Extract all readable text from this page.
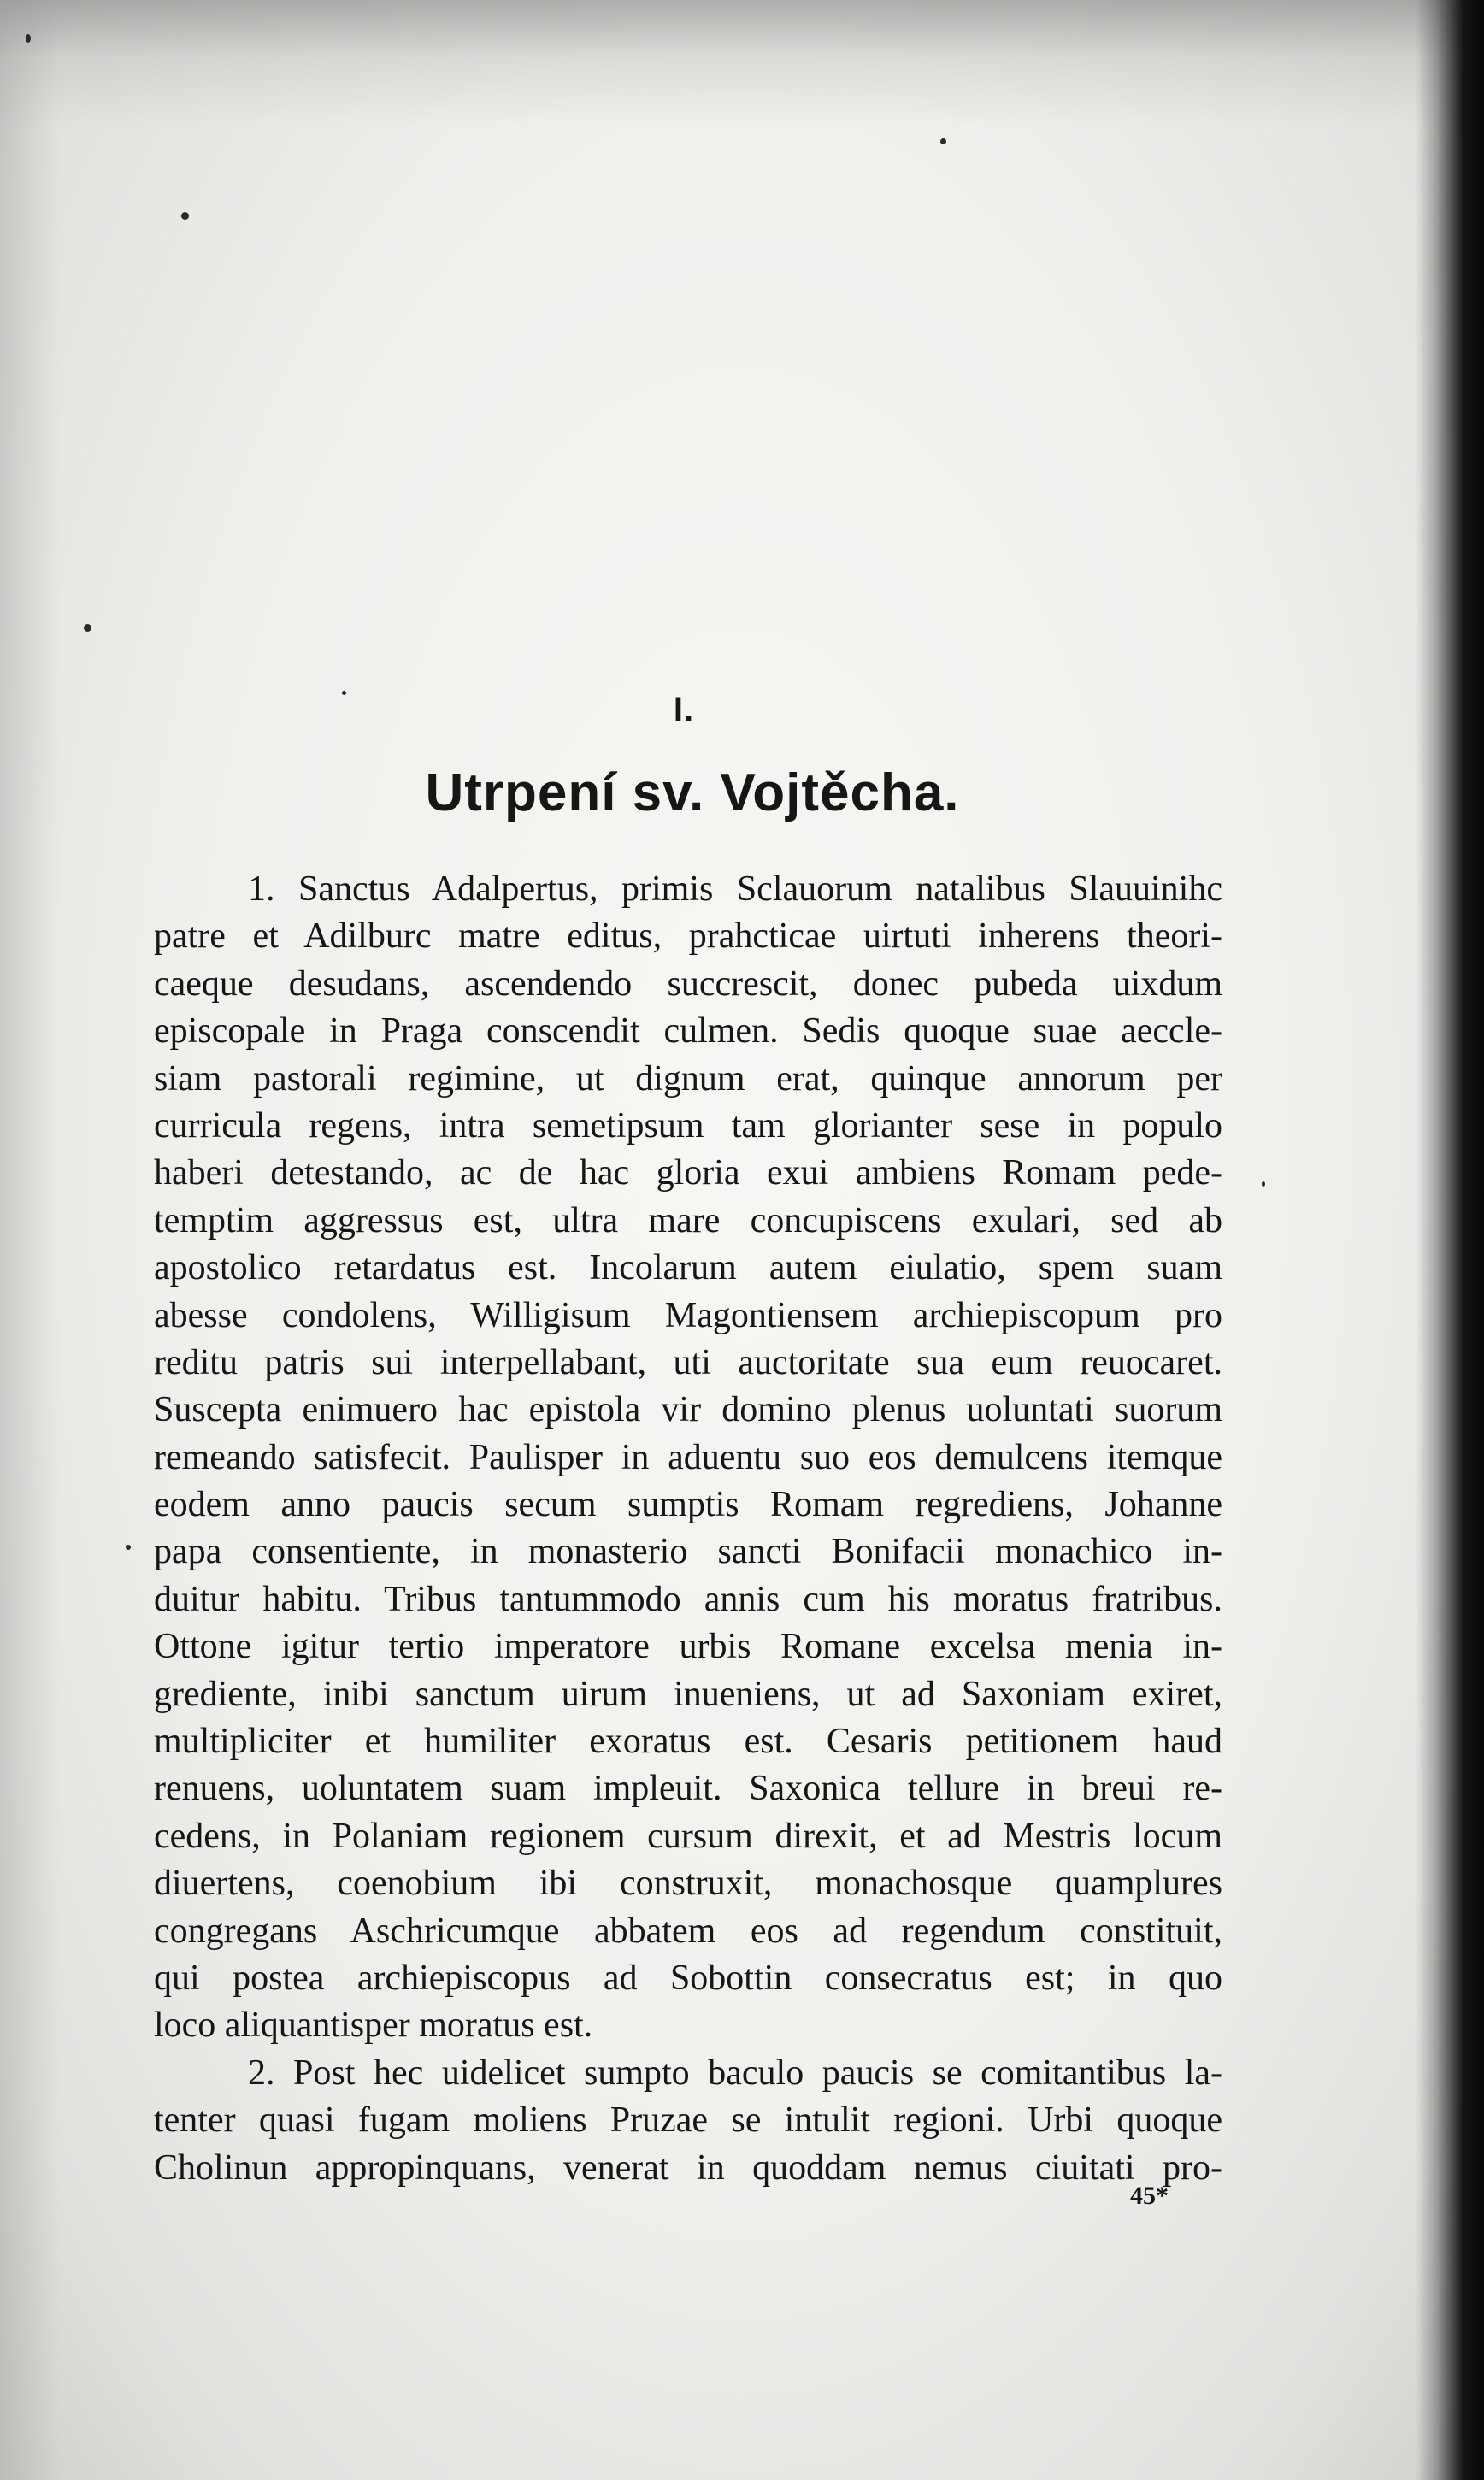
I.
Utrpení sv. Vojtěcha.
1. Sanctus Adalpertus, primis Sclauorum natalibus Slauuinihc
patre et Adilburc matre editus, prahcticae uirtuti inherens theori-
caeque desudans, ascendendo succrescit, donec pubeda uixdum
episcopale in Praga conscendit culmen. Sedis quoque suae aeccle-
siam pastorali regimine, ut dignum erat, quinque annorum per
curricula regens, intra semetipsum tam glorianter sese in populo
haberi detestando, ac de hac gloria exui ambiens Romam pede-
temptim aggressus est, ultra mare concupiscens exulari, sed ab
apostolico retardatus est. Incolarum autem eiulatio, spem suam
abesse condolens, Willigisum Magontiensem archiepiscopum pro
reditu patris sui interpellabant, uti auctoritate sua eum reuocaret.
Suscepta enimuero hac epistola vir domino plenus uoluntati suorum
remeando satisfecit. Paulisper in aduentu suo eos demulcens itemque
eodem anno paucis secum sumptis Romam regrediens, Johanne
papa consentiente, in monasterio sancti Bonifacii monachico in-
duitur habitu. Tribus tantummodo annis cum his moratus fratribus.
Ottone igitur tertio imperatore urbis Romane excelsa menia in-
grediente, inibi sanctum uirum inueniens, ut ad Saxoniam exiret,
multipliciter et humiliter exoratus est. Cesaris petitionem haud
renuens, uoluntatem suam impleuit. Saxonica tellure in breui re-
cedens, in Polaniam regionem cursum direxit, et ad Mestris locum
diuertens, coenobium ibi construxit, monachosque quamplures
congregans Aschricumque abbatem eos ad regendum constituit,
qui postea archiepiscopus ad Sobottin consecratus est; in quo
loco aliquantisper moratus est.
2. Post hec uidelicet sumpto baculo paucis se comitantibus la-
tenter quasi fugam moliens Pruzae se intulit regioni. Urbi quoque
Cholinun appropinquans, venerat in quoddam nemus ciuitati pro-
45*
